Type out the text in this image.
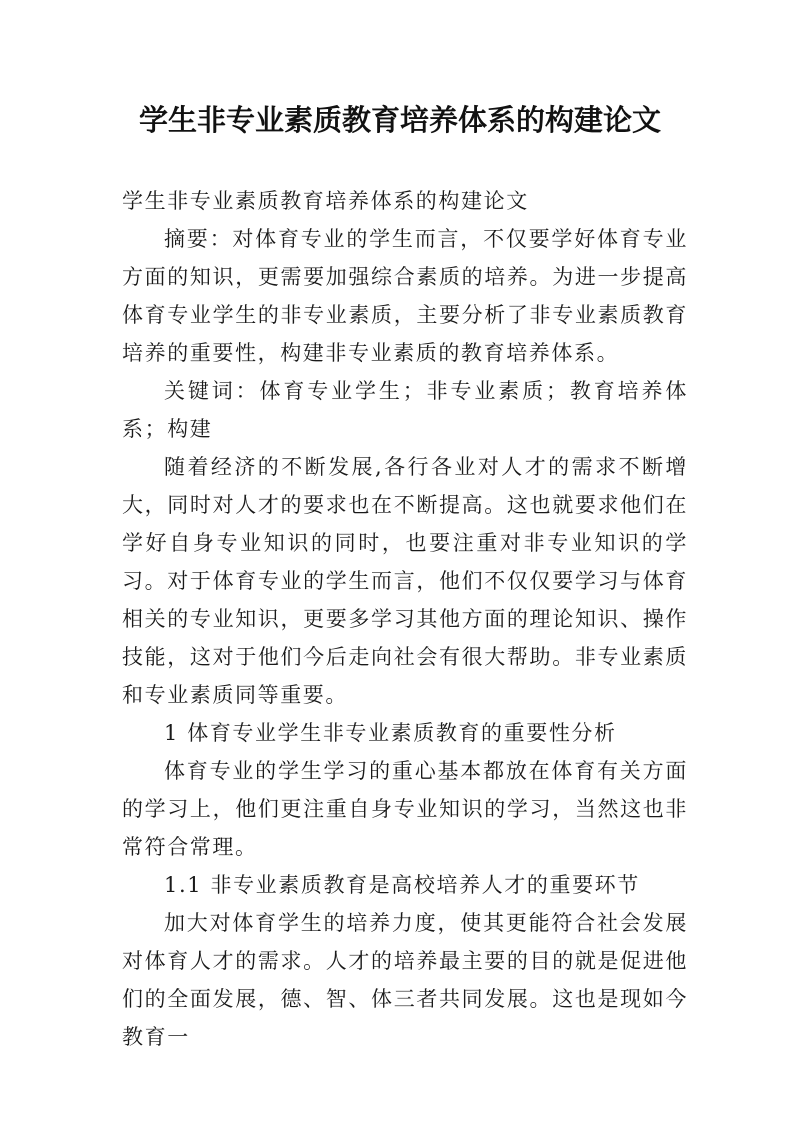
学生非专业素质教育培养体系的构建论文

学生非专业素质教育培养体系的构建论文

摘要：对体育专业的学生而言，不仅要学好体育专业方面的知识，更需要加强综合素质的培养。为进一步提高体育专业学生的非专业素质，主要分析了非专业素质教育培养的重要性，构建非专业素质的教育培养体系。

关键词：体育专业学生；非专业素质；教育培养体系；构建

随着经济的不断发展,各行各业对人才的需求不断增大，同时对人才的要求也在不断提高。这也就要求他们在学好自身专业知识的同时，也要注重对非专业知识的学习。对于体育专业的学生而言，他们不仅仅要学习与体育相关的专业知识，更要多学习其他方面的理论知识、操作技能，这对于他们今后走向社会有很大帮助。非专业素质和专业素质同等重要。

1 体育专业学生非专业素质教育的重要性分析

体育专业的学生学习的重心基本都放在体育有关方面的学习上，他们更注重自身专业知识的学习，当然这也非常符合常理。

1.1 非专业素质教育是高校培养人才的重要环节

加大对体育学生的培养力度，使其更能符合社会发展对体育人才的需求。人才的培养最主要的目的就是促进他们的全面发展，德、智、体三者共同发展。这也是现如今教育一
